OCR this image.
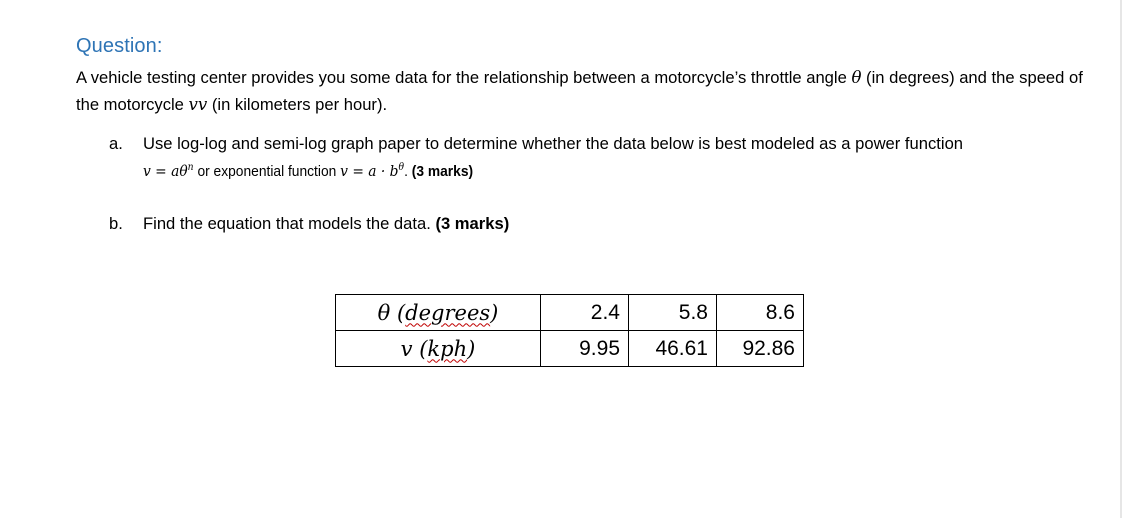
Question:
A vehicle testing center provides you some data for the relationship between a motorcycle’s throttle angle θ (in degrees) and the speed of the motorcycle vv (in kilometers per hour).
a. Use log-log and semi-log graph paper to determine whether the data below is best modeled as a power function
$v = a\theta^n$ or exponential function $v = a \cdot b^\theta$. (3 marks)
b. Find the equation that models the data. (3 marks)
θ (degrees)	2.4	5.8	8.6
v (kph)	9.95	46.61	92.86
